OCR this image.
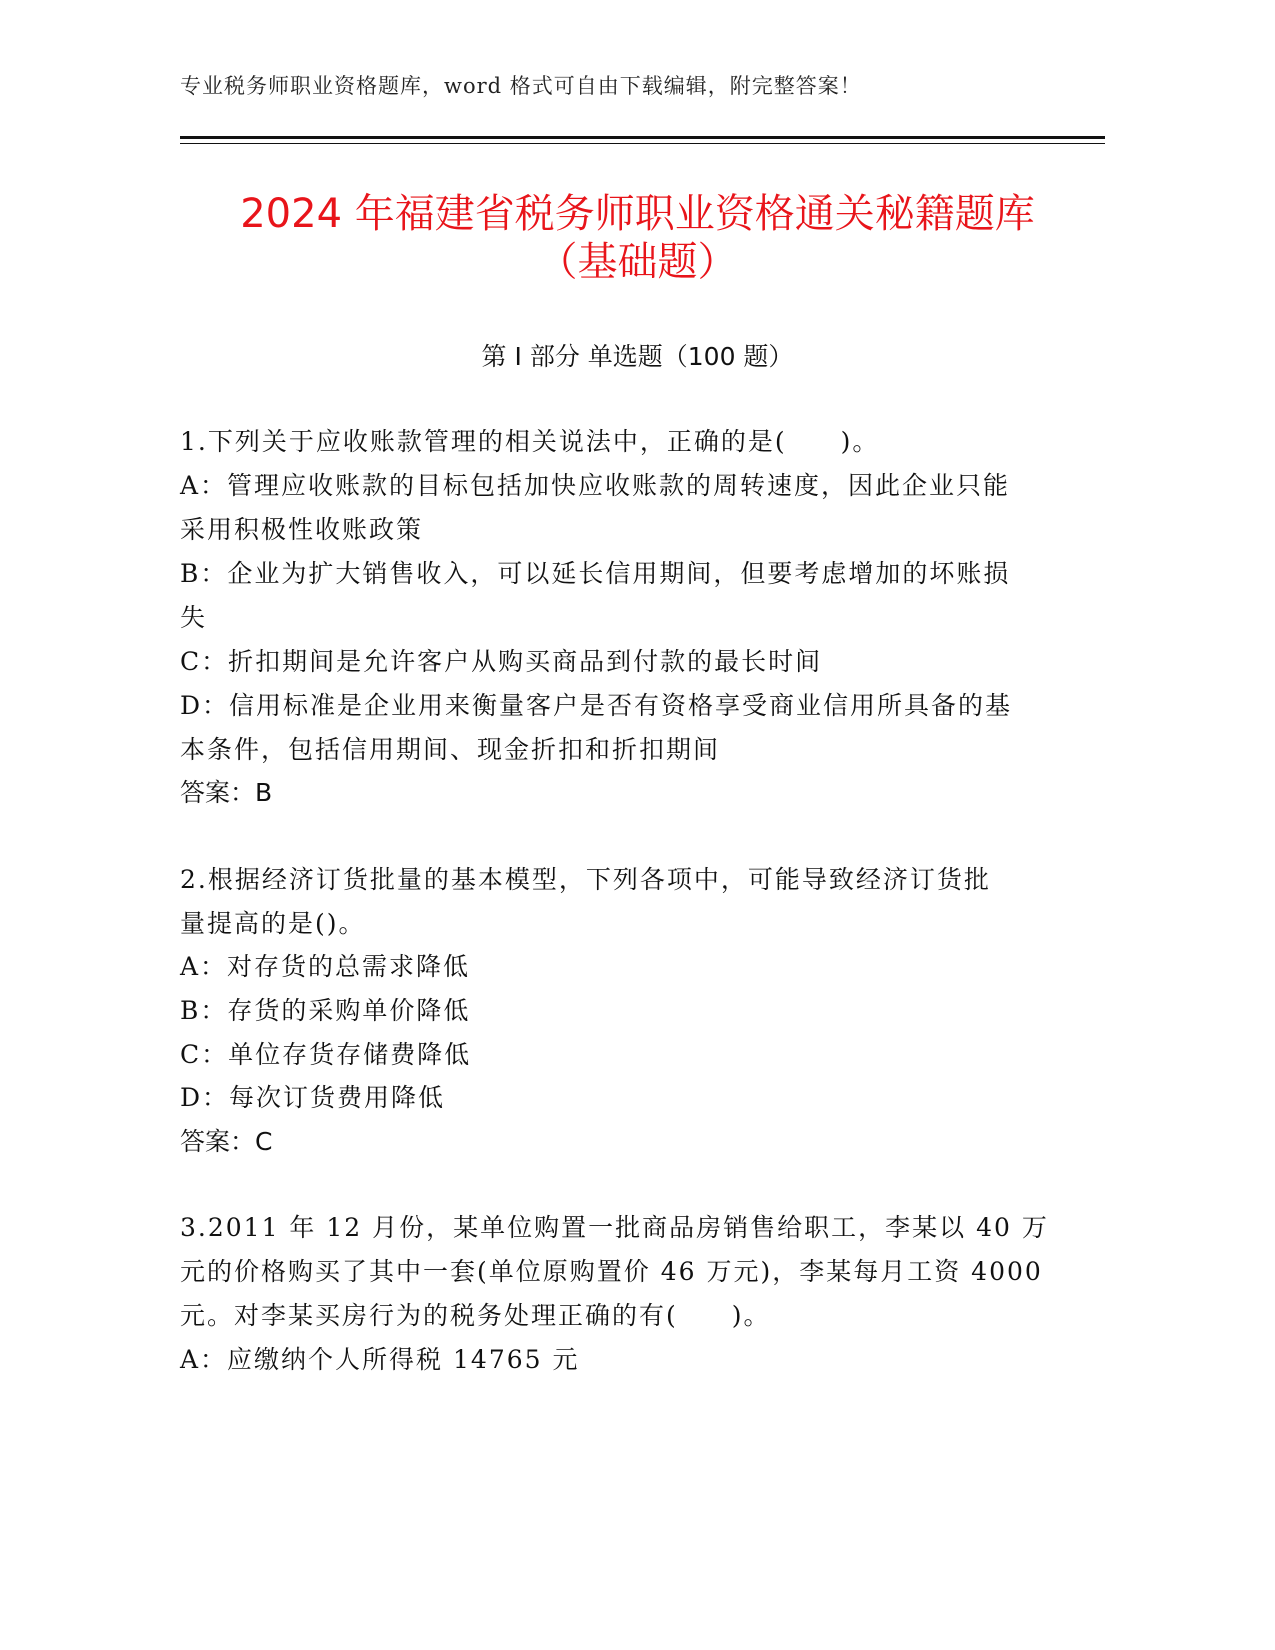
专业税务师职业资格题库，word 格式可自由下载编辑，附完整答案！
2024 年福建省税务师职业资格通关秘籍题库
（基础题）
第 I 部分 单选题（100 题）
1.下列关于应收账款管理的相关说法中，正确的是(　　)。
A：管理应收账款的目标包括加快应收账款的周转速度，因此企业只能
采用积极性收账政策
B：企业为扩大销售收入，可以延长信用期间，但要考虑增加的坏账损
失
C：折扣期间是允许客户从购买商品到付款的最长时间
D：信用标准是企业用来衡量客户是否有资格享受商业信用所具备的基
本条件，包括信用期间、现金折扣和折扣期间
答案：B
2.根据经济订货批量的基本模型，下列各项中，可能导致经济订货批
量提高的是()。
A：对存货的总需求降低
B：存货的采购单价降低
C：单位存货存储费降低
D：每次订货费用降低
答案：C
3.2011 年 12 月份，某单位购置一批商品房销售给职工，李某以 40 万
元的价格购买了其中一套(单位原购置价 46 万元)，李某每月工资 4000
元。对李某买房行为的税务处理正确的有(　　)。
A：应缴纳个人所得税 14765 元
